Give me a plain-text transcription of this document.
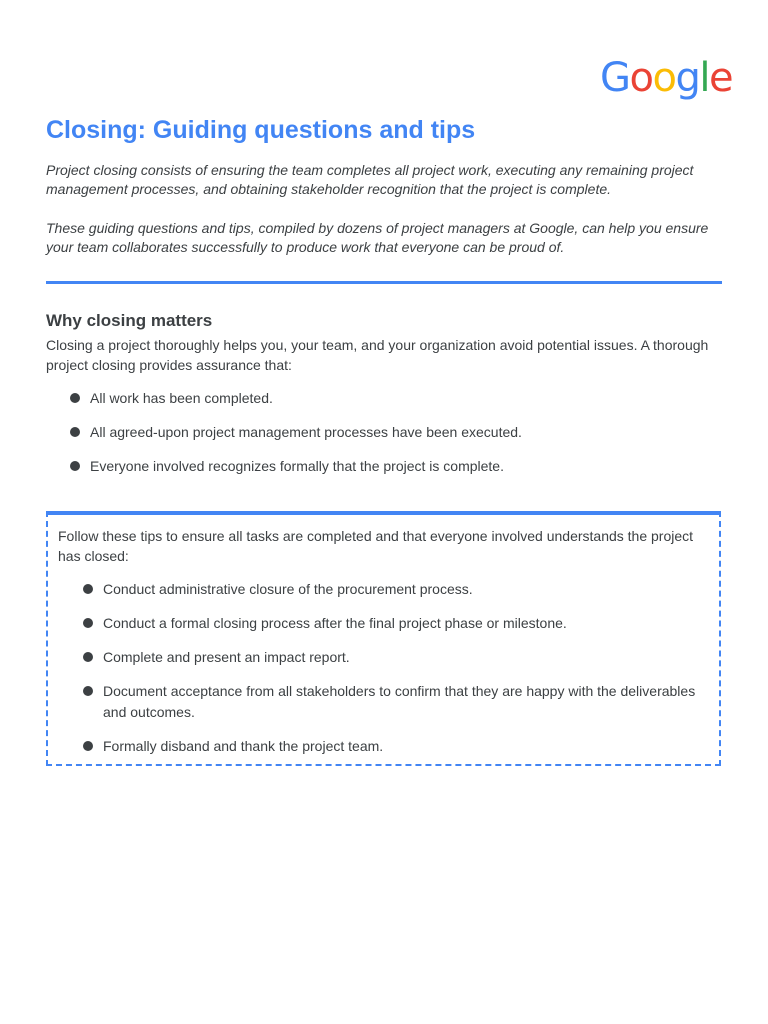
Google
Closing: Guiding questions and tips

Project closing consists of ensuring the team completes all project work, executing any remaining project management processes, and obtaining stakeholder recognition that the project is complete.

These guiding questions and tips, compiled by dozens of project managers at Google, can help you ensure your team collaborates successfully to produce work that everyone can be proud of.

Why closing matters

Closing a project thoroughly helps you, your team, and your organization avoid potential issues. A thorough project closing provides assurance that:

All work has been completed.
All agreed-upon project management processes have been executed.
Everyone involved recognizes formally that the project is complete.

Follow these tips to ensure all tasks are completed and that everyone involved understands the project has closed:

Conduct administrative closure of the procurement process.
Conduct a formal closing process after the final project phase or milestone.
Complete and present an impact report.
Document acceptance from all stakeholders to confirm that they are happy with the deliverables and outcomes.
Formally disband and thank the project team.
